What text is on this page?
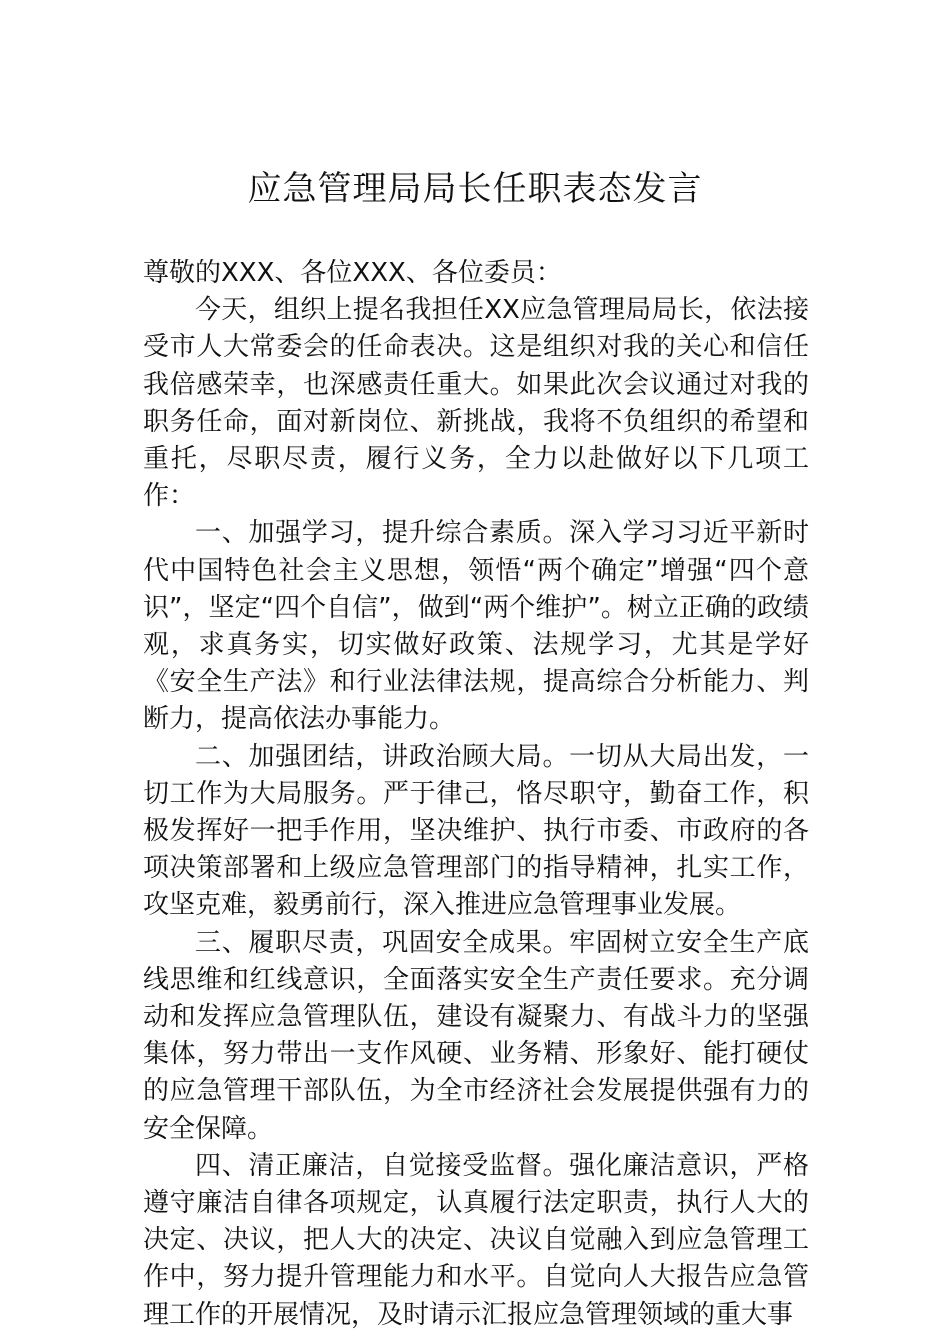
应急管理局局长任职表态发言

尊敬的XXX、各位XXX、各位委员：

今天，组织上提名我担任XX应急管理局局长，依法接受市人大常委会的任命表决。这是组织对我的关心和信任我倍感荣幸，也深感责任重大。如果此次会议通过对我的职务任命，面对新岗位、新挑战，我将不负组织的希望和重托，尽职尽责，履行义务，全力以赴做好以下几项工作：

一、加强学习，提升综合素质。深入学习习近平新时代中国特色社会主义思想，领悟“两个确定”增强“四个意识”，坚定“四个自信”，做到“两个维护”。树立正确的政绩观，求真务实，切实做好政策、法规学习，尤其是学好《安全生产法》和行业法律法规，提高综合分析能力、判断力，提高依法办事能力。

二、加强团结，讲政治顾大局。一切从大局出发，一切工作为大局服务。严于律己，恪尽职守，勤奋工作，积极发挥好一把手作用，坚决维护、执行市委、市政府的各项决策部署和上级应急管理部门的指导精神，扎实工作，攻坚克难，毅勇前行，深入推进应急管理事业发展。

三、履职尽责，巩固安全成果。牢固树立安全生产底线思维和红线意识，全面落实安全生产责任要求。充分调动和发挥应急管理队伍，建设有凝聚力、有战斗力的坚强集体，努力带出一支作风硬、业务精、形象好、能打硬仗的应急管理干部队伍，为全市经济社会发展提供强有力的安全保障。

四、清正廉洁，自觉接受监督。强化廉洁意识，严格遵守廉洁自律各项规定，认真履行法定职责，执行人大的决定、决议，把人大的决定、决议自觉融入到应急管理工作中，努力提升管理能力和水平。自觉向人大报告应急管理工作的开展情况，及时请示汇报应急管理领域的重大事
